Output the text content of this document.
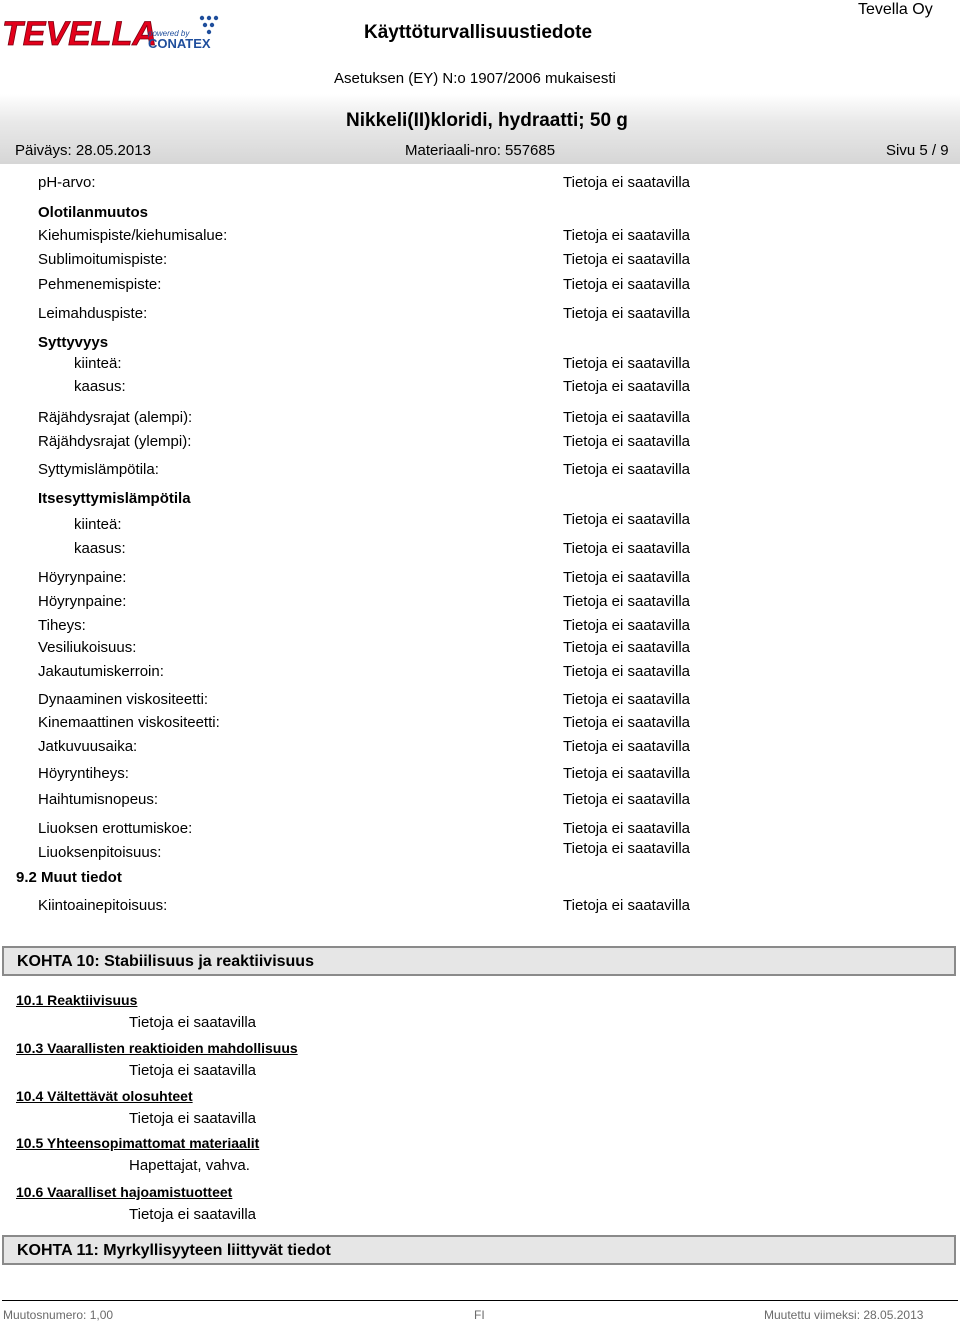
TEVELLA
powered by
CONATEX
Käyttöturvallisuustiedote
Tevella Oy
Asetuksen (EY) N:o 1907/2006 mukaisesti
Nikkeli(II)kloridi, hydraatti; 50 g
Päiväys: 28.05.2013	Materiaali-nro: 557685	Sivu 5 / 9
pH-arvo:	Tietoja ei saatavilla
Olotilanmuutos
Kiehumispiste/kiehumisalue:	Tietoja ei saatavilla
Sublimoitumispiste:	Tietoja ei saatavilla
Pehmenemispiste:	Tietoja ei saatavilla
Leimahduspiste:	Tietoja ei saatavilla
Syttyvyys
kiinteä:	Tietoja ei saatavilla
kaasus:	Tietoja ei saatavilla
Räjähdysrajat (alempi):	Tietoja ei saatavilla
Räjähdysrajat (ylempi):	Tietoja ei saatavilla
Syttymislämpötila:	Tietoja ei saatavilla
Itsesyttymislämpötila
kiinteä:	Tietoja ei saatavilla
kaasus:	Tietoja ei saatavilla
Höyrynpaine:	Tietoja ei saatavilla
Höyrynpaine:	Tietoja ei saatavilla
Tiheys:	Tietoja ei saatavilla
Vesiliukoisuus:	Tietoja ei saatavilla
Jakautumiskerroin:	Tietoja ei saatavilla
Dynaaminen viskositeetti:	Tietoja ei saatavilla
Kinemaattinen viskositeetti:	Tietoja ei saatavilla
Jatkuvuusaika:	Tietoja ei saatavilla
Höyryntiheys:	Tietoja ei saatavilla
Haihtumisnopeus:	Tietoja ei saatavilla
Liuoksen erottumiskoe:	Tietoja ei saatavilla
Liuoksenpitoisuus:	Tietoja ei saatavilla
9.2 Muut tiedot
Kiintoainepitoisuus:	Tietoja ei saatavilla
KOHTA 10: Stabiilisuus ja reaktiivisuus
10.1 Reaktiivisuus
Tietoja ei saatavilla
10.3 Vaarallisten reaktioiden mahdollisuus
Tietoja ei saatavilla
10.4 Vältettävät olosuhteet
Tietoja ei saatavilla
10.5 Yhteensopimattomat materiaalit
Hapettajat, vahva.
10.6 Vaaralliset hajoamistuotteet
Tietoja ei saatavilla
KOHTA 11: Myrkyllisyyteen liittyvät tiedot
Muutosnumero: 1,00	FI	Muutettu viimeksi: 28.05.2013
